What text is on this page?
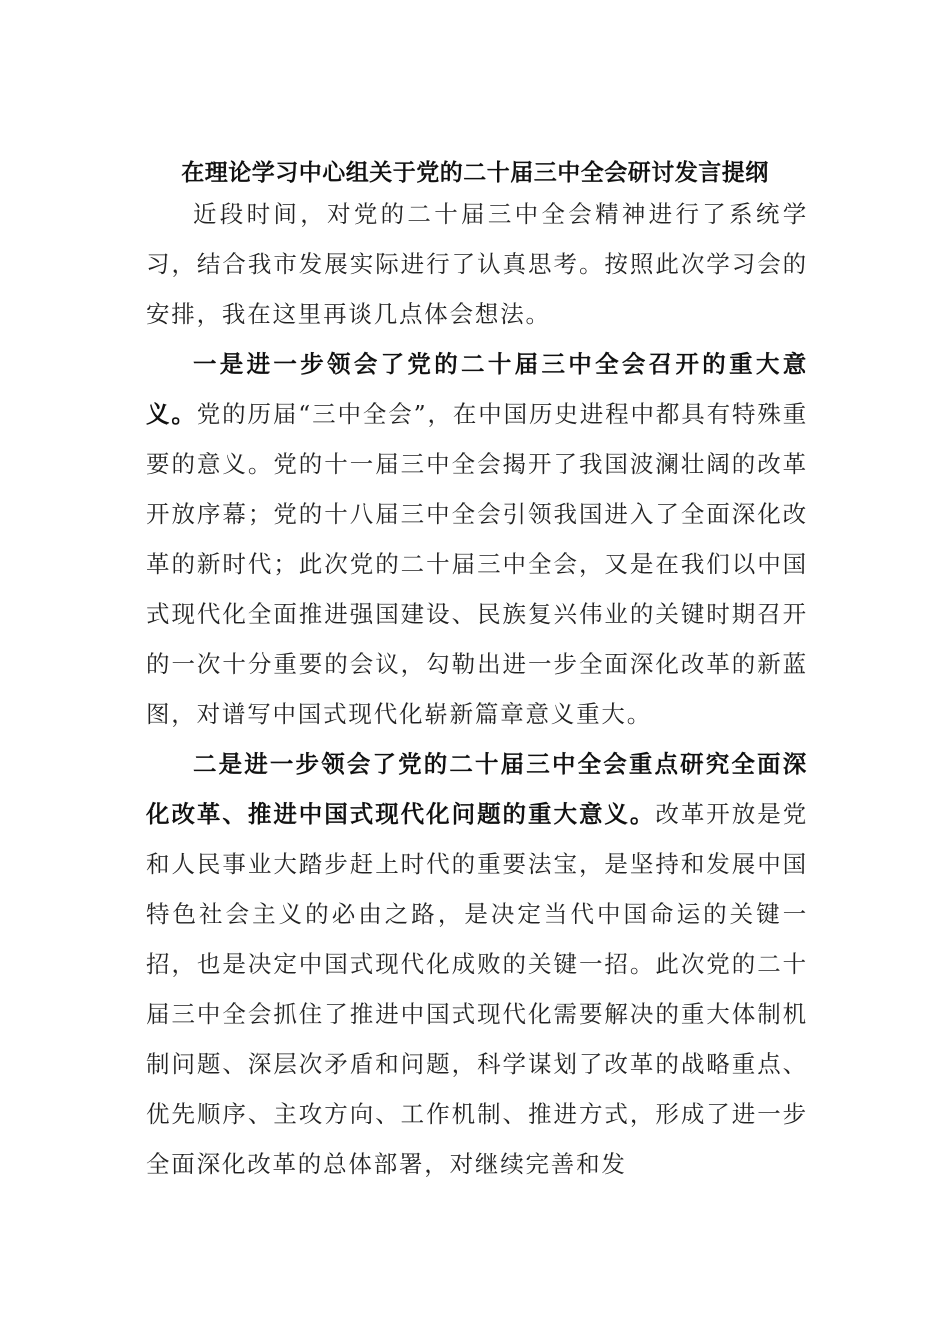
在理论学习中心组关于党的二十届三中全会研讨发言提纲

近段时间，对党的二十届三中全会精神进行了系统学习，结合我市发展实际进行了认真思考。按照此次学习会的安排，我在这里再谈几点体会想法。

一是进一步领会了党的二十届三中全会召开的重大意义。党的历届“三中全会”，在中国历史进程中都具有特殊重要的意义。党的十一届三中全会揭开了我国波澜壮阔的改革开放序幕；党的十八届三中全会引领我国进入了全面深化改革的新时代；此次党的二十届三中全会，又是在我们以中国式现代化全面推进强国建设、民族复兴伟业的关键时期召开的一次十分重要的会议，勾勒出进一步全面深化改革的新蓝图，对谱写中国式现代化崭新篇章意义重大。

二是进一步领会了党的二十届三中全会重点研究全面深化改革、推进中国式现代化问题的重大意义。改革开放是党和人民事业大踏步赶上时代的重要法宝，是坚持和发展中国特色社会主义的必由之路，是决定当代中国命运的关键一招，也是决定中国式现代化成败的关键一招。此次党的二十届三中全会抓住了推进中国式现代化需要解决的重大体制机制问题、深层次矛盾和问题，科学谋划了改革的战略重点、优先顺序、主攻方向、工作机制、推进方式，形成了进一步全面深化改革的总体部署，对继续完善和发
